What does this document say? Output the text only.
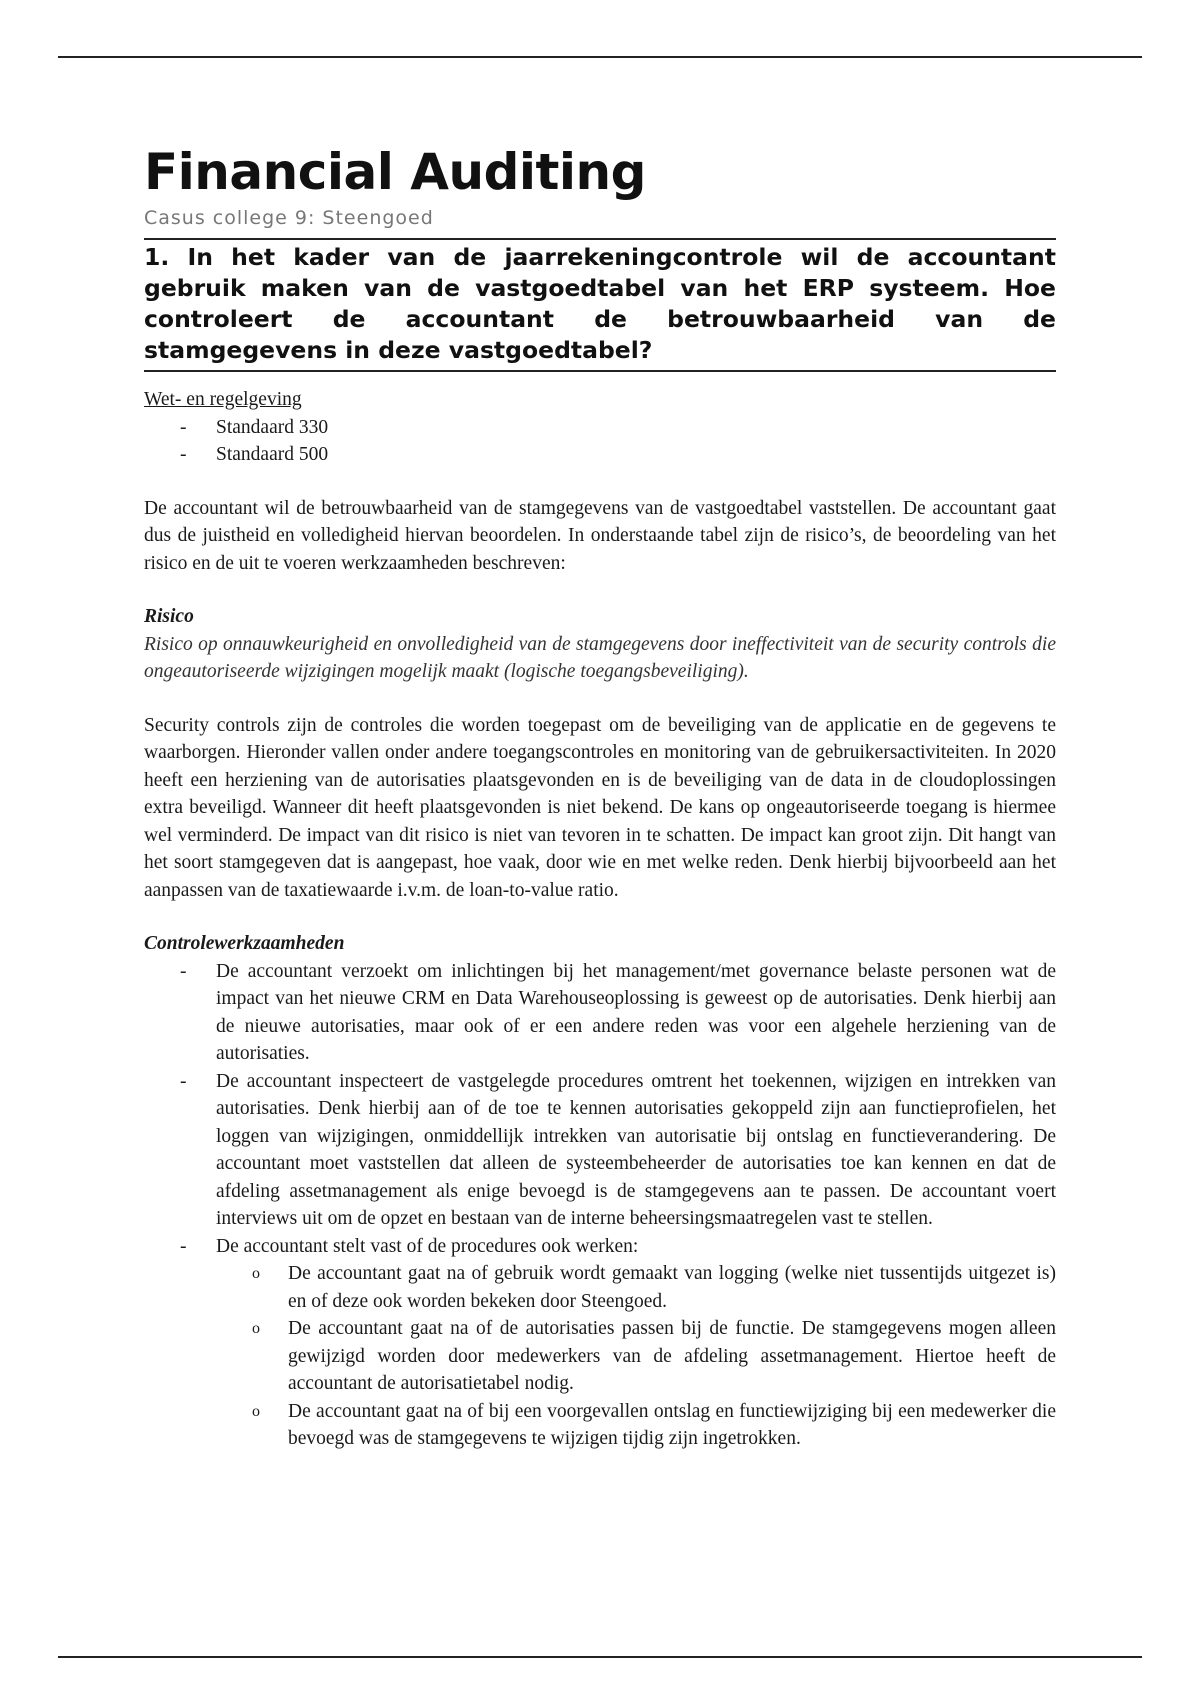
Financial Auditing
Casus college 9: Steengoed
1. In het kader van de jaarrekeningcontrole wil de accountant gebruik maken van de vastgoedtabel van het ERP systeem. Hoe controleert de accountant de betrouwbaarheid van de stamgegevens in deze vastgoedtabel?

Wet- en regelgeving

- Standaard 330
- Standaard 500

De accountant wil de betrouwbaarheid van de stamgegevens van de vastgoedtabel vaststellen. De accountant gaat dus de juistheid en volledigheid hiervan beoordelen. In onderstaande tabel zijn de risico’s, de beoordeling van het risico en de uit te voeren werkzaamheden beschreven:

Risico

Risico op onnauwkeurigheid en onvolledigheid van de stamgegevens door ineffectiviteit van de security controls die ongeautoriseerde wijzigingen mogelijk maakt (logische toegangsbeveiliging).

Security controls zijn de controles die worden toegepast om de beveiliging van de applicatie en de gegevens te waarborgen. Hieronder vallen onder andere toegangscontroles en monitoring van de gebruikersactiviteiten. In 2020 heeft een herziening van de autorisaties plaatsgevonden en is de beveiliging van de data in de cloudoplossingen extra beveiligd. Wanneer dit heeft plaatsgevonden is niet bekend. De kans op ongeautoriseerde toegang is hiermee wel verminderd. De impact van dit risico is niet van tevoren in te schatten. De impact kan groot zijn. Dit hangt van het soort stamgegeven dat is aangepast, hoe vaak, door wie en met welke reden. Denk hierbij bijvoorbeeld aan het aanpassen van de taxatiewaarde i.v.m. de loan-to-value ratio.

Controlewerkzaamheden

- De accountant verzoekt om inlichtingen bij het management/met governance belaste personen wat de impact van het nieuwe CRM en Data Warehouseoplossing is geweest op de autorisaties. Denk hierbij aan de nieuwe autorisaties, maar ook of er een andere reden was voor een algehele herziening van de autorisaties.
- De accountant inspecteert de vastgelegde procedures omtrent het toekennen, wijzigen en intrekken van autorisaties. Denk hierbij aan of de toe te kennen autorisaties gekoppeld zijn aan functieprofielen, het loggen van wijzigingen, onmiddellijk intrekken van autorisatie bij ontslag en functieverandering. De accountant moet vaststellen dat alleen de systeembeheerder de autorisaties toe kan kennen en dat de afdeling assetmanagement als enige bevoegd is de stamgegevens aan te passen. De accountant voert interviews uit om de opzet en bestaan van de interne beheersingsmaatregelen vast te stellen.
- De accountant stelt vast of de procedures ook werken:
o De accountant gaat na of gebruik wordt gemaakt van logging (welke niet tussentijds uitgezet is) en of deze ook worden bekeken door Steengoed.
o De accountant gaat na of de autorisaties passen bij de functie. De stamgegevens mogen alleen gewijzigd worden door medewerkers van de afdeling assetmanagement. Hiertoe heeft de accountant de autorisatietabel nodig.
o De accountant gaat na of bij een voorgevallen ontslag en functiewijziging bij een medewerker die bevoegd was de stamgegevens te wijzigen tijdig zijn ingetrokken.
